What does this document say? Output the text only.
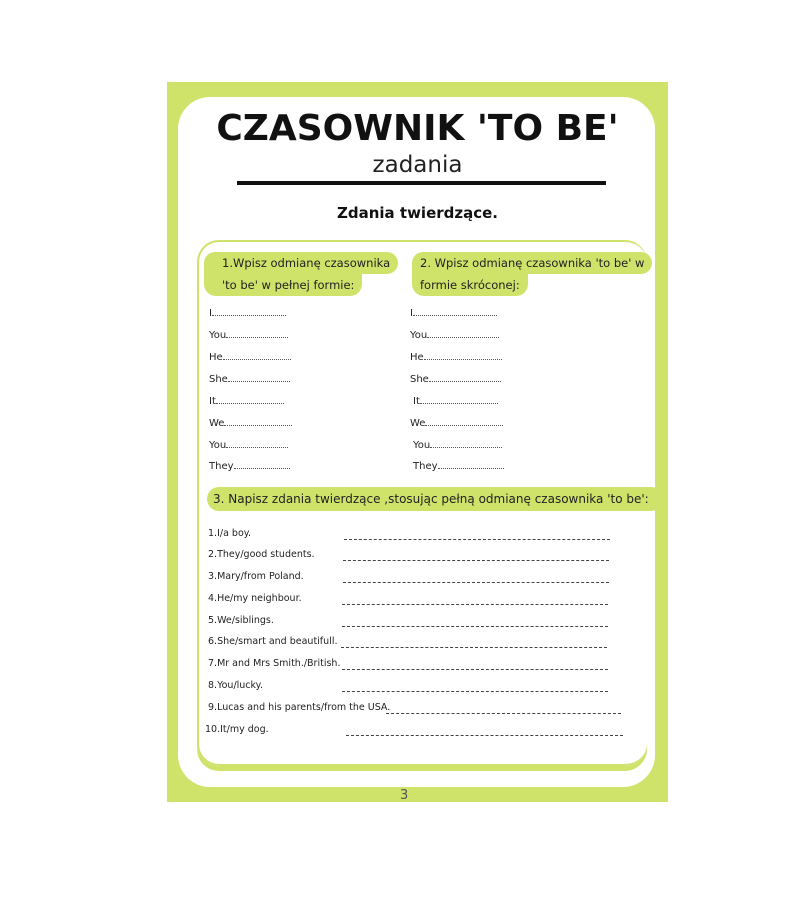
CZASOWNIK 'TO BE'
zadania
Zdania twierdzące.
1.Wpisz odmianę czasownika
'to be' w pełnej formie:
2. Wpisz odmianę czasownika 'to be' w
formie skróconej:
I
You
He
She
It
We
You
They
I
You
He
She
It
We
You
They
3. Napisz zdania twierdzące ,stosując pełną odmianę czasownika 'to be':
1.I/a boy.
2.They/good students.
3.Mary/from Poland.
4.He/my neighbour.
5.We/siblings.
6.She/smart and beautifull.
7.Mr and Mrs Smith./British.
8.You/lucky.
9.Lucas and his parents/from the USA.
10.It/my dog.
3
